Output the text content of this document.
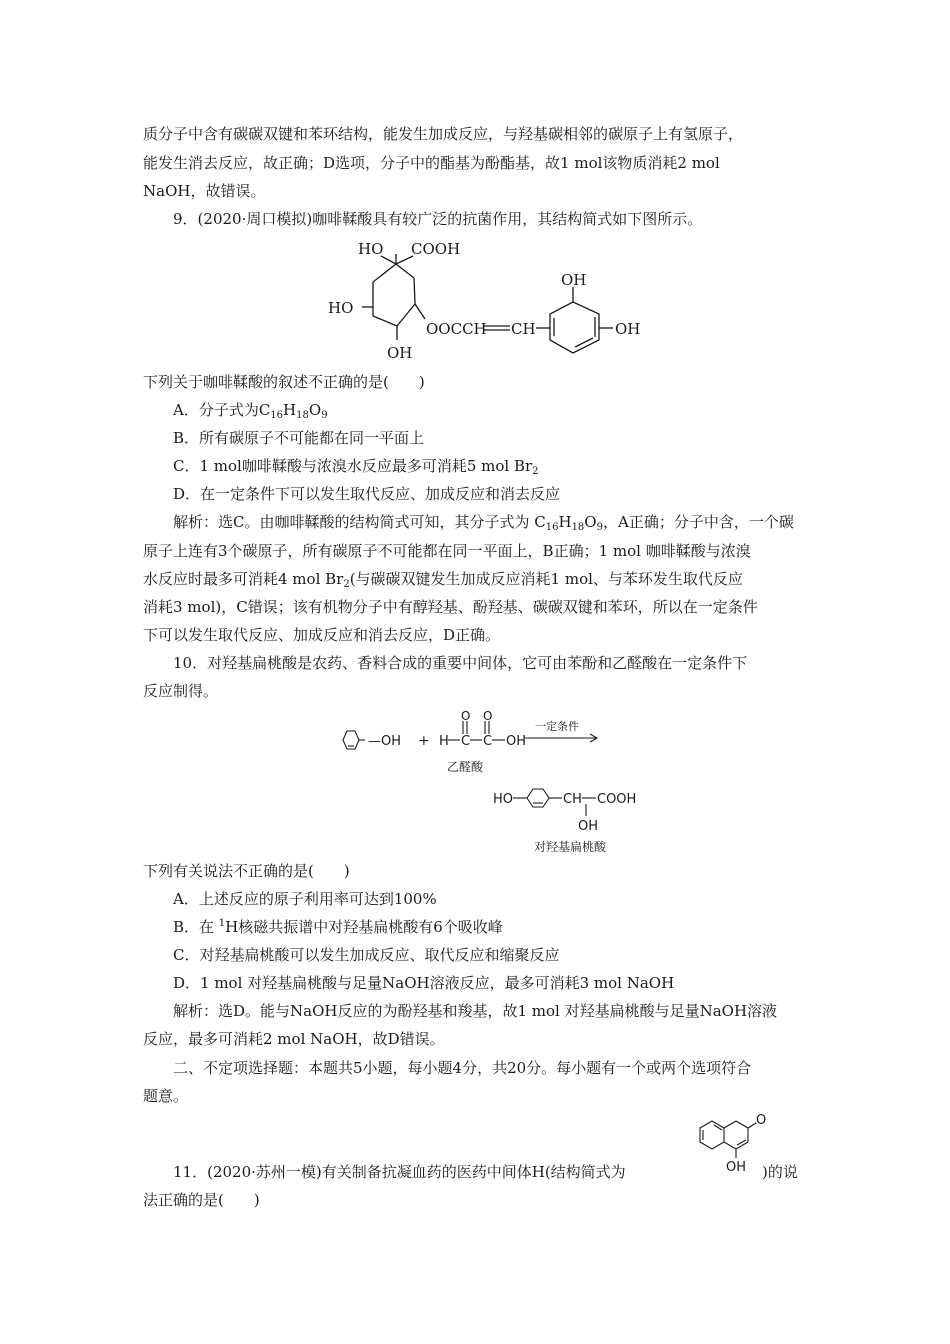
质分子中含有碳碳双键和苯环结构，能发生加成反应，与羟基碳相邻的碳原子上有氢原子，
能发生消去反应，故正确；D选项，分子中的酯基为酚酯基，故1 mol该物质消耗2 mol
NaOH，故错误。
9．(2020·周口模拟)咖啡鞣酸具有较广泛的抗菌作用，其结构简式如下图所示。
HO COOH
HO
OOCCH CH
OH
OH
OH
下列关于咖啡鞣酸的叙述不正确的是(　　)
A．分子式为$C_{16}H_{18}O_9$
B．所有碳原子不可能都在同一平面上
C．1 mol咖啡鞣酸与浓溴水反应最多可消耗5 mol $Br_2$
D．在一定条件下可以发生取代反应、加成反应和消去反应
解析：选C。由咖啡鞣酸的结构简式可知，其分子式为 $C_{16}H_{18}O_9$，A正确；分子中含，一个碳
原子上连有3个碳原子，所有碳原子不可能都在同一平面上，B正确；1 mol 咖啡鞣酸与浓溴
水反应时最多可消耗4 mol $Br_2$(与碳碳双键发生加成反应消耗1 mol、与苯环发生取代反应
消耗3 mol)，C错误；该有机物分子中有醇羟基、酚羟基、碳碳双键和苯环，所以在一定条件
下可以发生取代反应、加成反应和消去反应，D正确。
10．对羟基扁桃酸是农药、香料合成的重要中间体，它可由苯酚和乙醛酸在一定条件下
反应制得。
—OH + H C C OH
O O
一定条件
乙醛酸
HO	CH COOH
OH
对羟基扁桃酸
下列有关说法不正确的是(　　)
A．上述反应的原子利用率可达到100%
B．在 $^1$H核磁共振谱中对羟基扁桃酸有6个吸收峰
C．对羟基扁桃酸可以发生加成反应、取代反应和缩聚反应
D．1 mol 对羟基扁桃酸与足量NaOH溶液反应，最多可消耗3 mol NaOH
解析：选D。能与NaOH反应的为酚羟基和羧基，故1 mol 对羟基扁桃酸与足量NaOH溶液
反应，最多可消耗2 mol NaOH，故D错误。
二、不定项选择题：本题共5小题，每小题4分，共20分。每小题有一个或两个选项符合
题意。
O
OH
11．(2020·苏州一模)有关制备抗凝血药的医药中间体H(结构简式为	)的说
法正确的是(　　)
